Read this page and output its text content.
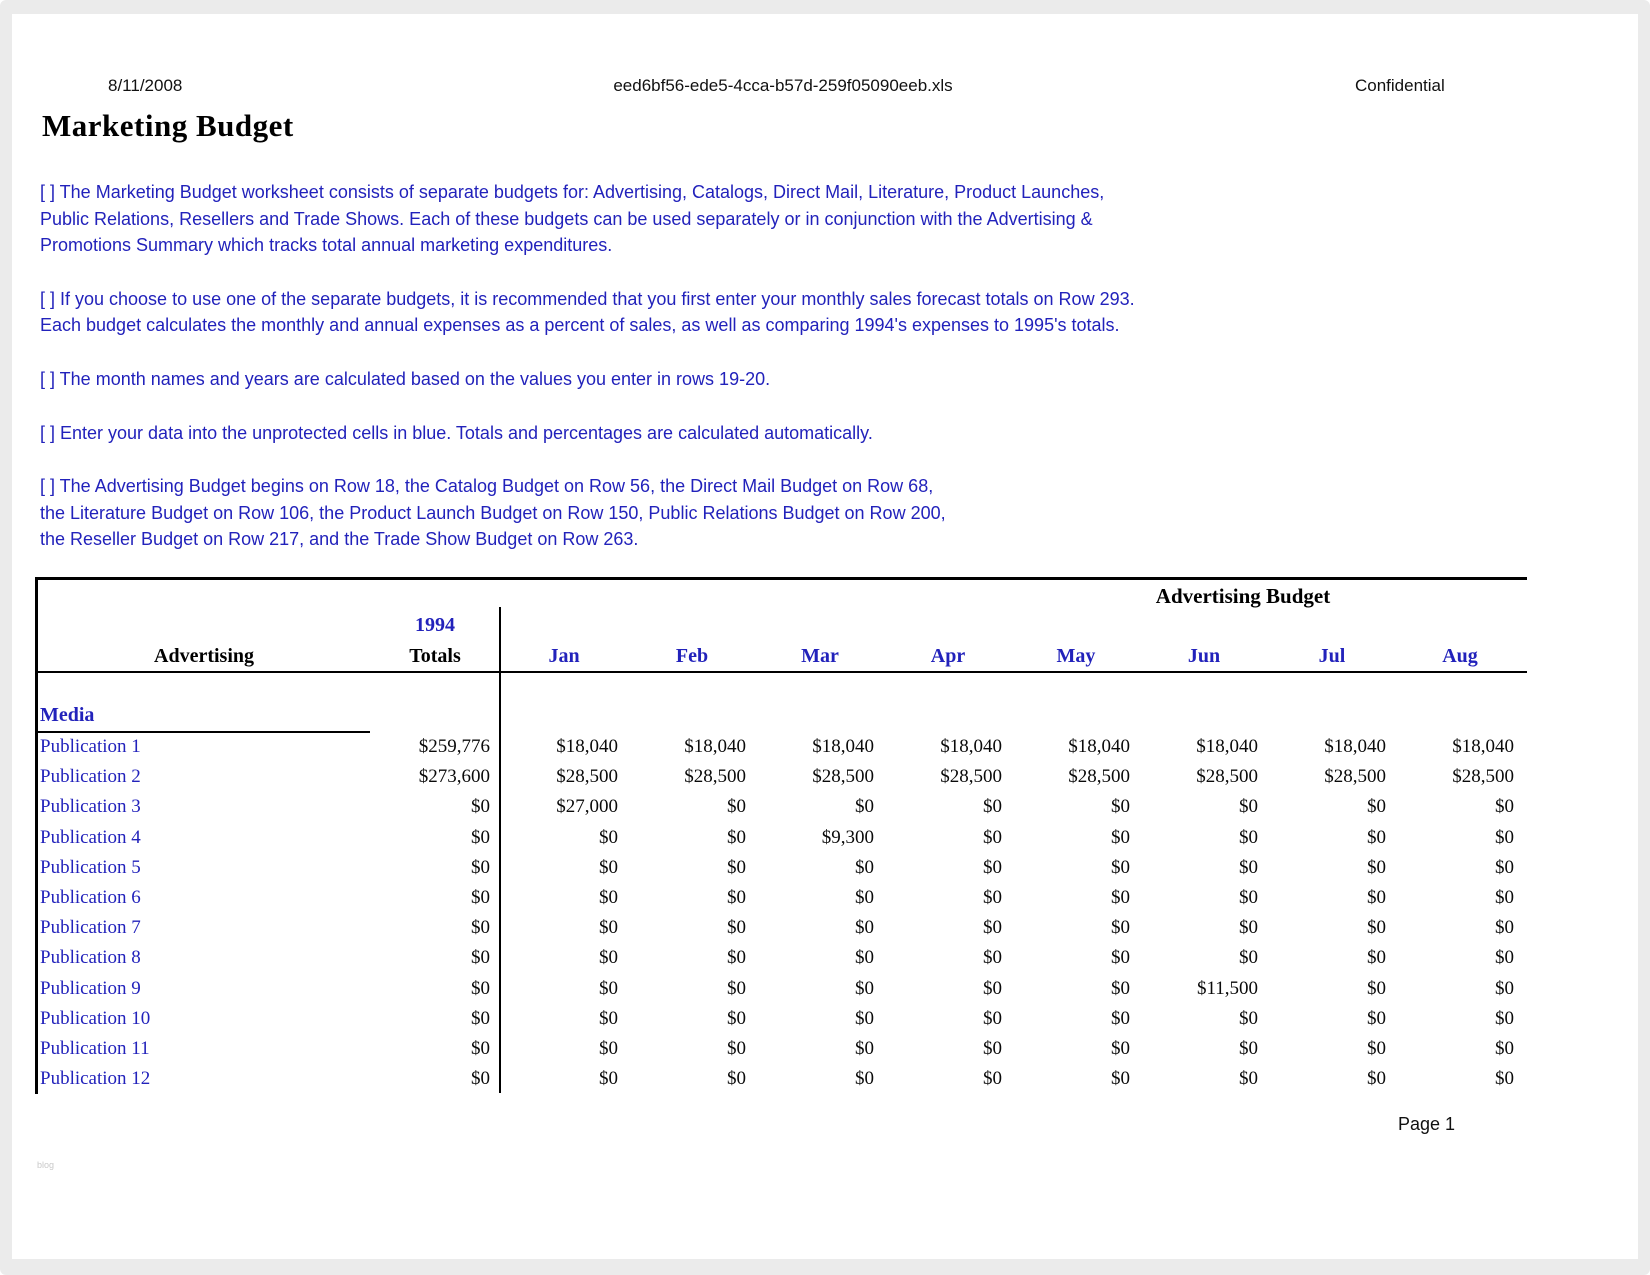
8/11/2008	eed6bf56-ede5-4cca-b57d-259f05090eeb.xls	Confidential
Marketing Budget
[ ] The Marketing Budget worksheet consists of separate budgets for: Advertising, Catalogs, Direct Mail, Literature, Product Launches,
Public Relations, Resellers and Trade Shows. Each of these budgets can be used separately or in conjunction with the Advertising &
Promotions Summary which tracks total annual marketing expenditures.
[ ] If you choose to use one of the separate budgets, it is recommended that you first enter your monthly sales forecast totals on Row 293.
Each budget calculates the monthly and annual expenses as a percent of sales, as well as comparing 1994's expenses to 1995's totals.
[ ] The month names and years are calculated based on the values you enter in rows 19-20.
[ ] Enter your data into the unprotected cells in blue. Totals and percentages are calculated automatically.
[ ] The Advertising Budget begins on Row 18, the Catalog Budget on Row 56, the Direct Mail Budget on Row 68,
the Literature Budget on Row 106, the Product Launch Budget on Row 150, Public Relations Budget on Row 200,
the Reseller Budget on Row 217, and the Trade Show Budget on Row 263.
Advertising Budget
1994
Advertising	Totals	Jan	Feb	Mar	Apr	May	Jun	Jul	Aug
Media
Publication 1	$259,776	$18,040	$18,040	$18,040	$18,040	$18,040	$18,040	$18,040	$18,040
Publication 2	$273,600	$28,500	$28,500	$28,500	$28,500	$28,500	$28,500	$28,500	$28,500
Publication 3	$0	$27,000	$0	$0	$0	$0	$0	$0	$0
Publication 4	$0	$0	$0	$9,300	$0	$0	$0	$0	$0
Publication 5	$0	$0	$0	$0	$0	$0	$0	$0	$0
Publication 6	$0	$0	$0	$0	$0	$0	$0	$0	$0
Publication 7	$0	$0	$0	$0	$0	$0	$0	$0	$0
Publication 8	$0	$0	$0	$0	$0	$0	$0	$0	$0
Publication 9	$0	$0	$0	$0	$0	$0	$11,500	$0	$0
Publication 10	$0	$0	$0	$0	$0	$0	$0	$0	$0
Publication 11	$0	$0	$0	$0	$0	$0	$0	$0	$0
Publication 12	$0	$0	$0	$0	$0	$0	$0	$0	$0
Page 1
blog
